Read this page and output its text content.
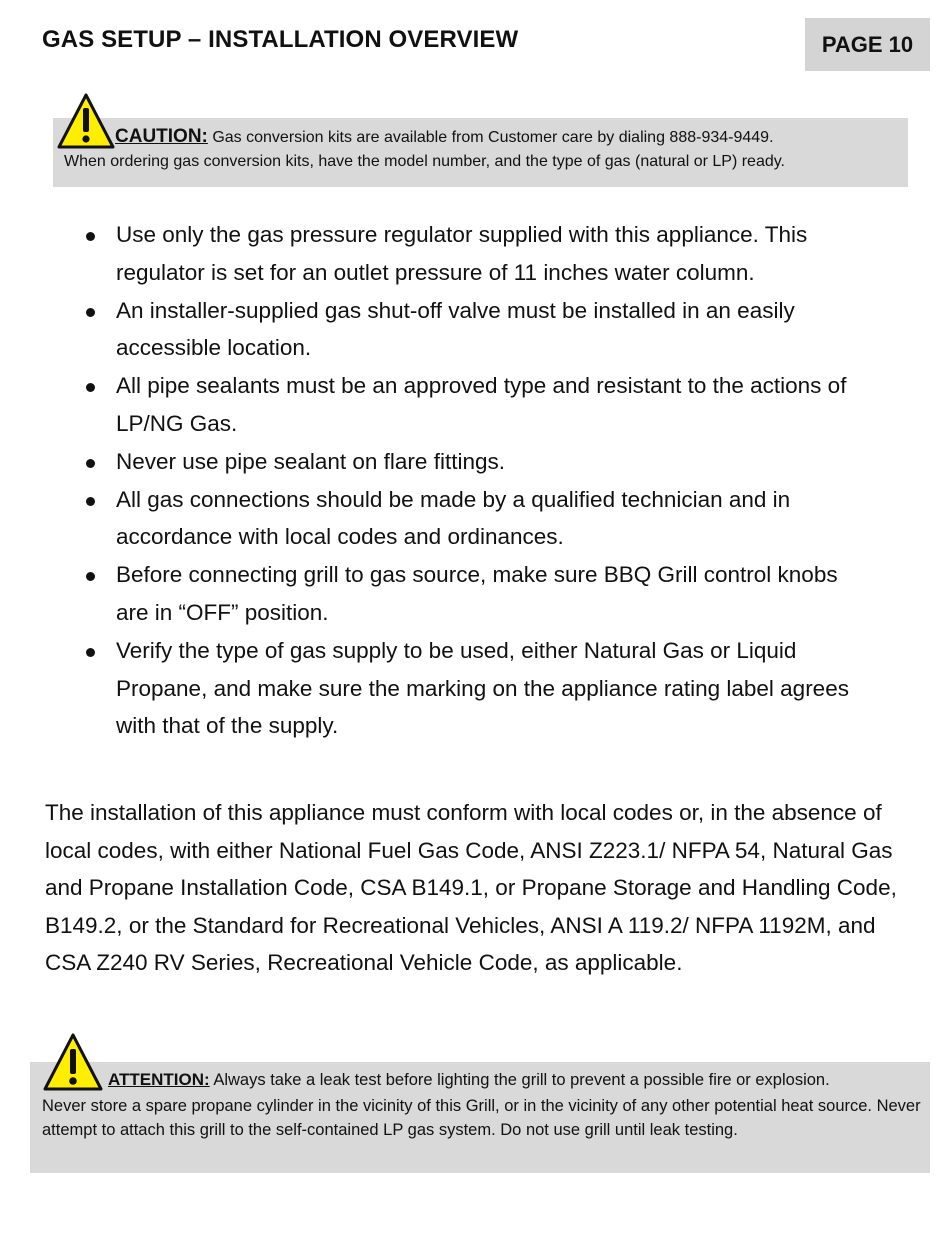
GAS SETUP – INSTALLATION OVERVIEW	PAGE 10
CAUTION: Gas conversion kits are available from Customer care by dialing 888-934-9449.
When ordering gas conversion kits, have the model number, and the type of gas (natural or LP) ready.
Use only the gas pressure regulator supplied with this appliance. This regulator is set for an outlet pressure of 11 inches water column.
An installer-supplied gas shut-off valve must be installed in an easily accessible location.
All pipe sealants must be an approved type and resistant to the actions of LP/NG Gas.
Never use pipe sealant on flare fittings.
All gas connections should be made by a qualified technician and in accordance with local codes and ordinances.
Before connecting grill to gas source, make sure BBQ Grill control knobs are in “OFF” position.
Verify the type of gas supply to be used, either Natural Gas or Liquid Propane, and make sure the marking on the appliance rating label agrees with that of the supply.

The installation of this appliance must conform with local codes or, in the absence of local codes, with either National Fuel Gas Code, ANSI Z223.1/ NFPA 54, Natural Gas and Propane Installation Code, CSA B149.1, or Propane Storage and Handling Code, B149.2, or the Standard for Recreational Vehicles, ANSI A 119.2/ NFPA 1192M, and CSA Z240 RV Series, Recreational Vehicle Code, as applicable.

ATTENTION: Always take a leak test before lighting the grill to prevent a possible fire or explosion.
Never store a spare propane cylinder in the vicinity of this Grill, or in the vicinity of any other potential heat source. Never attempt to attach this grill to the self-contained LP gas system. Do not use grill until leak testing.
